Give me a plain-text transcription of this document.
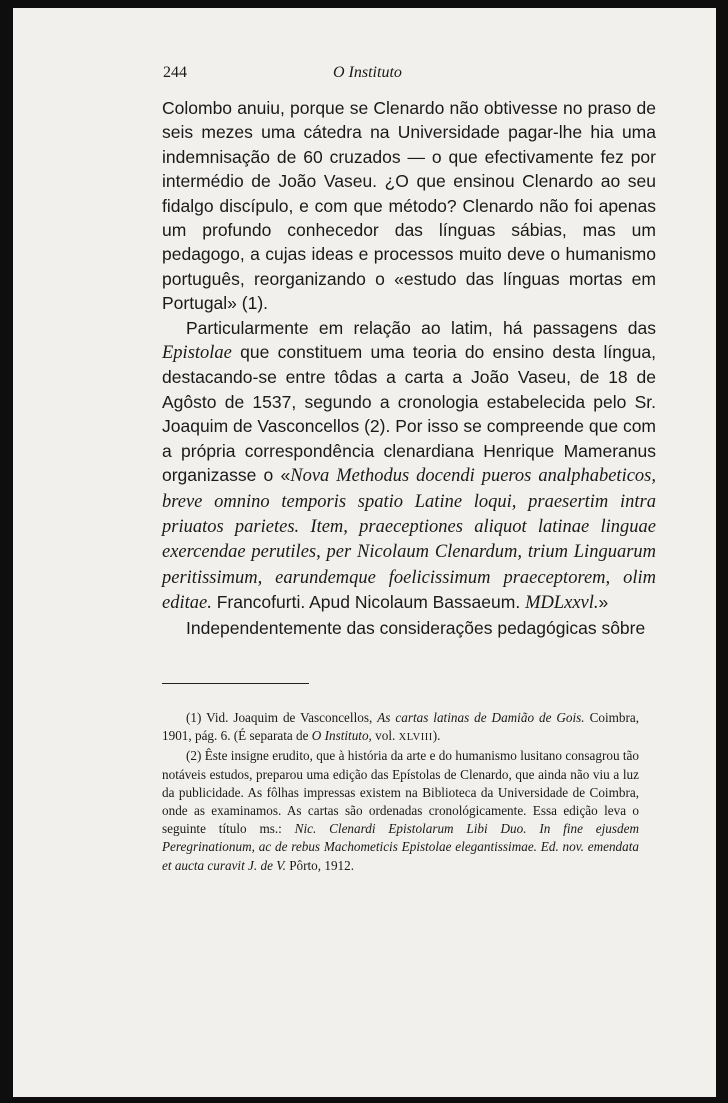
244	O Instituto

Colombo anuiu, porque se Clenardo não obtivesse no praso de seis mezes uma cátedra na Universidade pagar-lhe hia uma indemnisação de 60 cruzados — o que efectivamente fez por intermédio de João Vaseu. ¿O que ensinou Clenardo ao seu fidalgo discípulo, e com que método? Clenardo não foi apenas um profundo conhecedor das línguas sábias, mas um pedagogo, a cujas ideas e processos muito deve o humanismo português, reorganizando o «estudo das línguas mortas em Portugal» (1).

Particularmente em relação ao latim, há passagens das Epistolae que constituem uma teoria do ensino desta língua, destacando-se entre tôdas a carta a João Vaseu, de 18 de Agôsto de 1537, segundo a cronologia estabelecida pelo Sr. Joaquim de Vasconcellos (2). Por isso se compreende que com a própria correspondência clenardiana Henrique Mameranus organizasse o «Nova Methodus docendi pueros analphabeticos, breve omnino temporis spatio Latine loqui, praesertim intra priuatos parietes. Item, praeceptiones aliquot latinae linguae exercendae perutiles, per Nicolaum Clenardum, trium Linguarum peritissimum, earundemque foelicissimum praeceptorem, olim editae. Francofurti. Apud Nicolaum Bassaeum. MDLxxvl.»

Independentemente das considerações pedagógicas sôbre

(1) Vid. Joaquim de Vasconcellos, As cartas latinas de Damião de Gois. Coimbra, 1901, pág. 6. (É separata de O Instituto, vol. XLVIII).

(2) Êste insigne erudito, que à história da arte e do humanismo lusitano consagrou tão notáveis estudos, preparou uma edição das Epístolas de Clenardo, que ainda não viu a luz da publicidade. As fôlhas impressas existem na Biblioteca da Universidade de Coimbra, onde as examinamos. As cartas são ordenadas cronológicamente. Essa edição leva o seguinte título ms.: Nic. Clenardi Epistolarum Libi Duo. In fine ejusdem Peregrinationum, ac de rebus Machometicis Epistolae elegantissimae. Ed. nov. emendata et aucta curavit J. de V. Pôrto, 1912.
